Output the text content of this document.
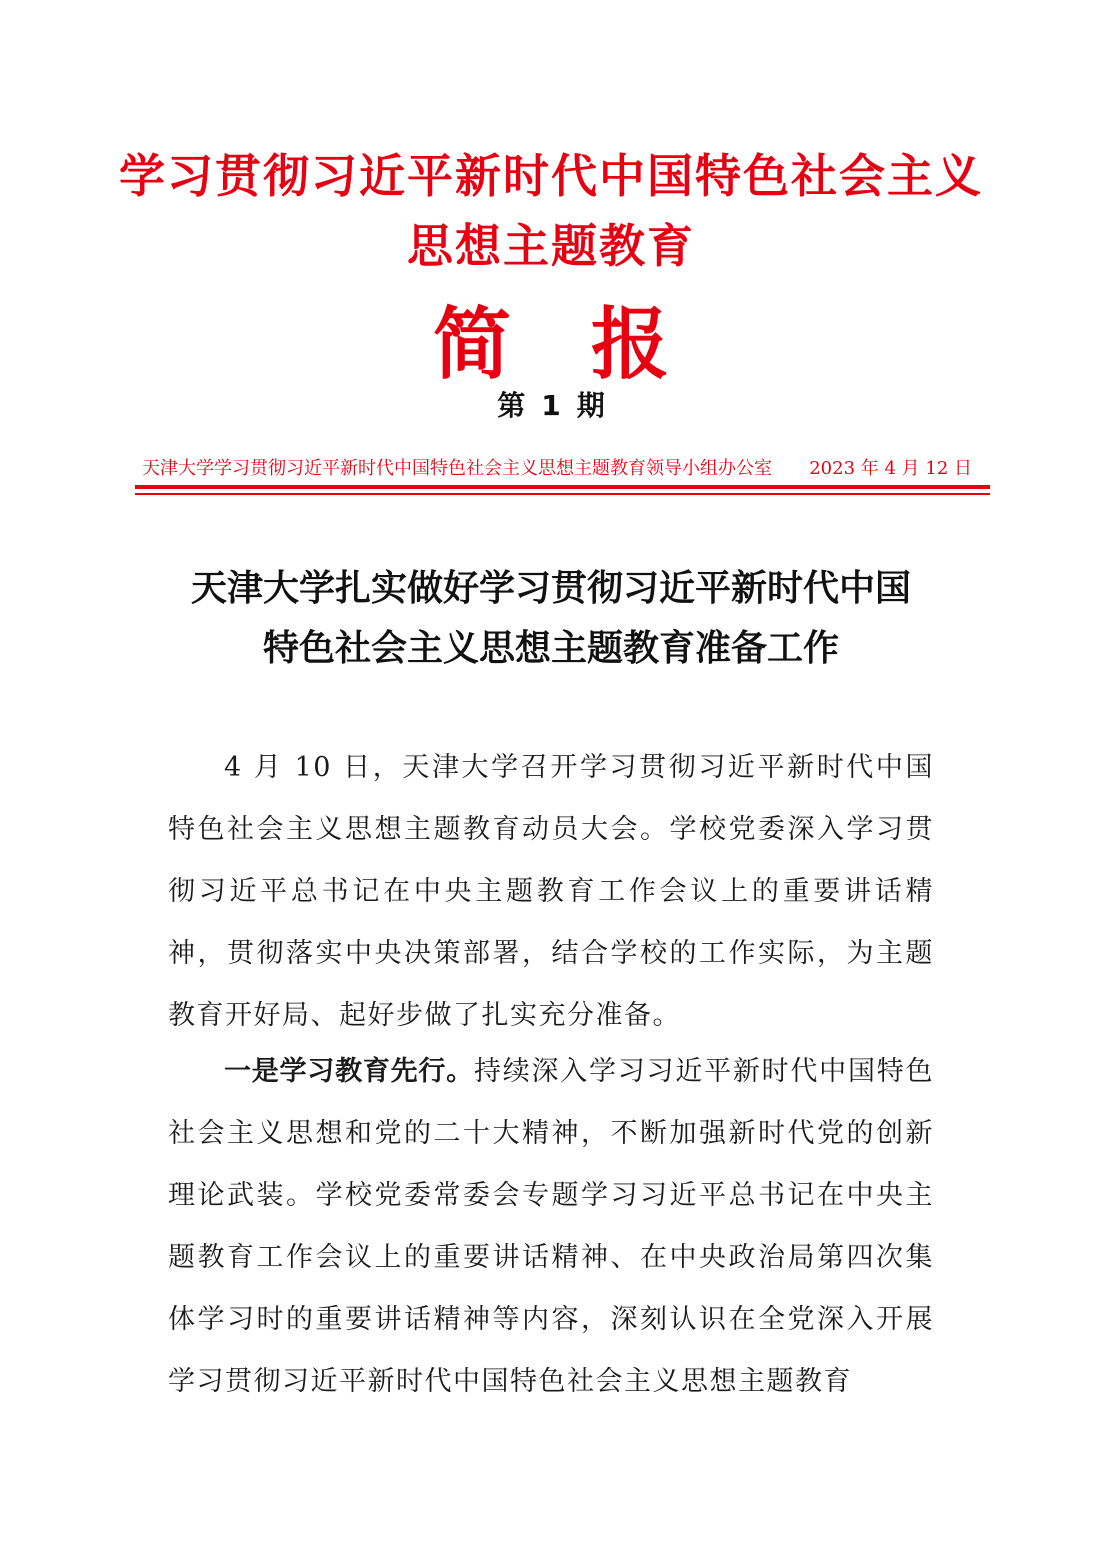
学习贯彻习近平新时代中国特色社会主义
思想主题教育
简报
第 1 期
天津大学学习贯彻习近平新时代中国特色社会主义思想主题教育领导小组办公室 2023 年 4 月 12 日
天津大学扎实做好学习贯彻习近平新时代中国
特色社会主义思想主题教育准备工作

4 月 10 日，天津大学召开学习贯彻习近平新时代中国特色社会主义思想主题教育动员大会。学校党委深入学习贯彻习近平总书记在中央主题教育工作会议上的重要讲话精神，贯彻落实中央决策部署，结合学校的工作实际，为主题教育开好局、起好步做了扎实充分准备。

一是学习教育先行。持续深入学习习近平新时代中国特色社会主义思想和党的二十大精神，不断加强新时代党的创新理论武装。学校党委常委会专题学习习近平总书记在中央主题教育工作会议上的重要讲话精神、在中央政治局第四次集体学习时的重要讲话精神等内容，深刻认识在全党深入开展学习贯彻习近平新时代中国特色社会主义思想主题教育
